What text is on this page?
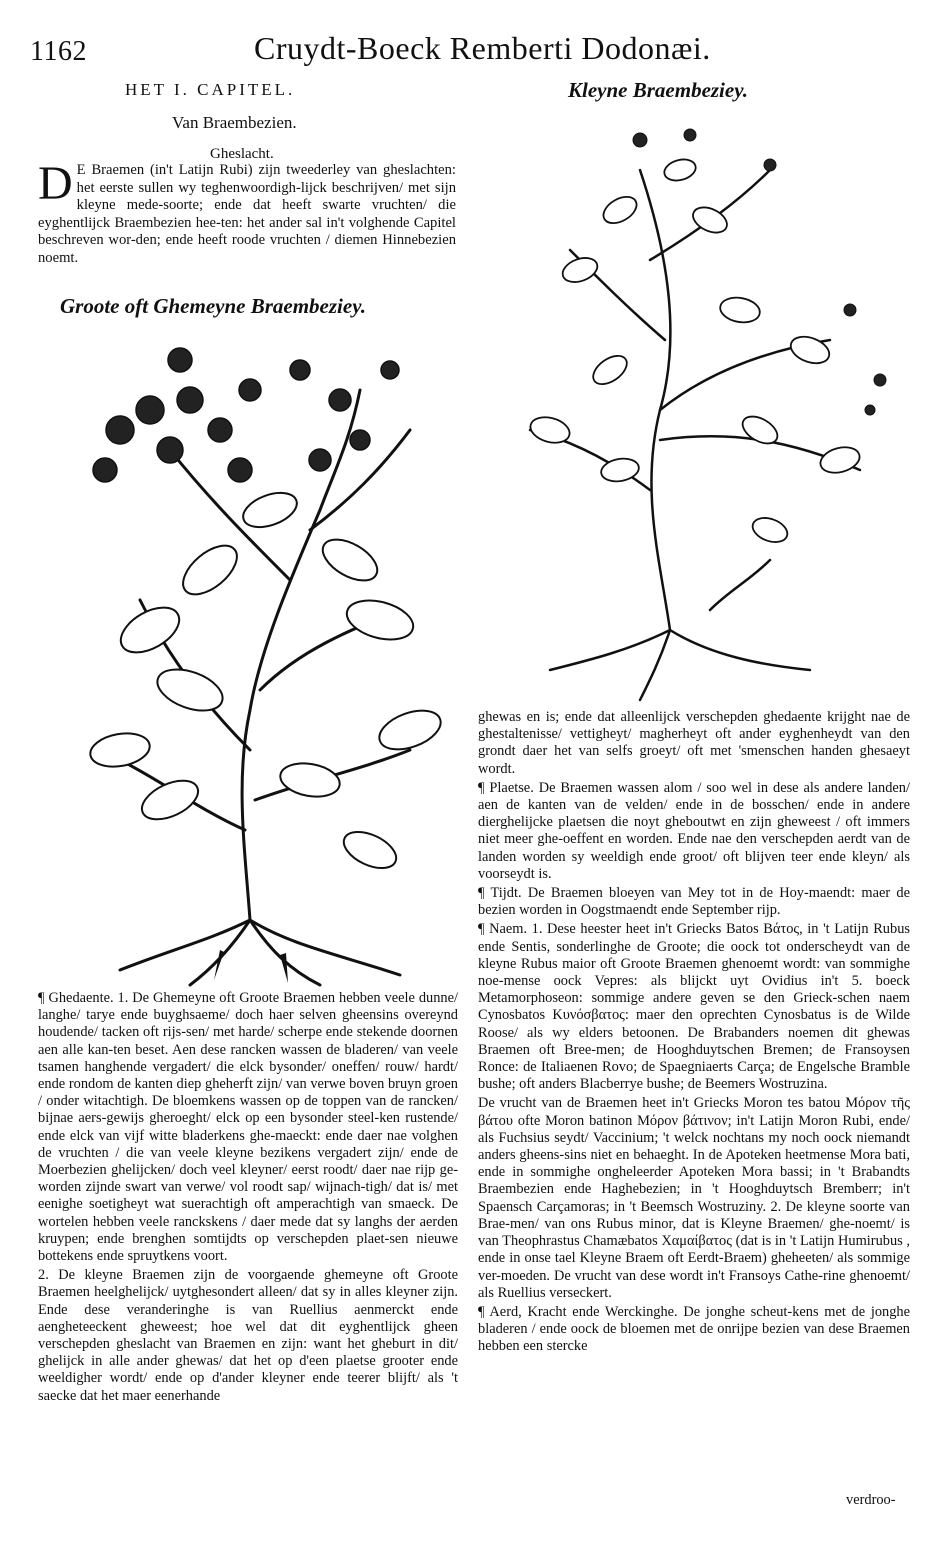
1162	Cruydt-Boeck Remberti Dodonæi.
HET I. CAPITEL.
Van Braembezien.
Gheslacht.
D E Braemen (in't Latijn Rubi) zijn tweederley van gheslachten: het eerste sullen wy teghenwoordigh-lijck beschrijven/ met sijn kleyne mede-soorte; ende dat heeft swarte vruchten/ die eyghentlijck Braembezien hee-ten: het ander sal in't volghende Capitel beschreven wor-den; ende heeft roode vruchten / diemen Hinnebezien noemt.
Groote oft Ghemeyne Braembeziey.
Kleyne Braembeziey.

ghewas en is; ende dat alleenlijck verschepden ghedaente krijght nae de ghestaltenisse/ vettigheyt/ magherheyt oft ander eyghenheydt van den grondt daer het van selfs groeyt/ oft met 'smenschen handen ghesaeyt wordt.

¶ Plaetse. De Braemen wassen alom / soo wel in dese als andere landen/ aen de kanten van de velden/ ende in de bosschen/ ende in andere dierghelijcke plaetsen die noyt gheboutwt en zijn gheweest / oft immers niet meer ghe-oeffent en worden. Ende nae den verschepden aerdt van de landen worden sy weeldigh ende groot/ oft blijven teer ende kleyn/ als voorseydt is.

¶ Tijdt. De Braemen bloeyen van Mey tot in de Hoy-maendt: maer de bezien worden in Oogstmaendt ende September rijp.

¶ Naem. 1. Dese heester heet in't Griecks Batos Βάτος, in 't Latijn Rubus ende Sentis, sonderlinghe de Groote; die oock tot onderscheydt van de kleyne Rubus maior oft Groote Braemen ghenoemt wordt: van sommighe noe-mense oock Vepres: als blijckt uyt Ovidius in't 5. boeck Metamorphoseon: sommige andere geven se den Grieck-schen naem Cynosbatos Κυνόσβατος: maer den oprechten Cynosbatus is de Wilde Roose/ als wy elders betoonen. De Brabanders noemen dit ghewas Braemen oft Bree-men; de Hooghduytschen Bremen; de Fransoysen Ronce: de Italiaenen Rovo; de Spaegniaerts Carça; de Engelsche Bramble bushe; oft anders Blacberrye bushe; de Beemers Wostruzina.

De vrucht van de Braemen heet in't Griecks Moron tes batou Μόρον τῆς βάτου ofte Moron batinon Μόρον βάτινον; in't Latijn Moron Rubi, ende/ als Fuchsius seydt/ Vaccinium; 't welck nochtans my noch oock niemandt anders gheens-sins niet en behaeght. In de Apoteken heetmense Mora bati, ende in sommighe ongheleerder Apoteken Mora bassi; in 't Brabandts Braembezien ende Haghebezien; in 't Hooghduytsch Bremberr; in't Spaensch Carçamoras; in 't Beemsch Wostruziny. 2. De kleyne soorte van Brae-men/ van ons Rubus minor, dat is Kleyne Braemen/ ghe-noemt/ is van Theophrastus Chamæbatos Χαμαίβατος (dat is in 't Latijn Humirubus , ende in onse tael Kleyne Braem oft Eerdt-Braem) gheheeten/ als sommige ver-moeden. De vrucht van dese wordt in't Fransoys Cathe-rine ghenoemt/ als Ruellius verseckert.

¶ Aerd, Kracht ende Werckinghe. De jonghe scheut-kens met de jonghe bladeren / ende oock de bloemen met de onrijpe bezien van dese Braemen hebben een stercke

verdroo-

¶ Ghedaente. 1. De Ghemeyne oft Groote Braemen hebben veele dunne/ langhe/ tarye ende buyghsaeme/ doch haer selven gheensins overeynd houdende/ tacken oft rijs-sen/ met harde/ scherpe ende stekende doornen aen alle kan-ten beset. Aen dese rancken wassen de bladeren/ van veele tsamen hanghende vergadert/ die elck bysonder/ oneffen/ rouw/ hardt/ ende rondom de kanten diep gheherft zijn/ van verwe boven bruyn groen / onder witachtigh. De bloemkens wassen op de toppen van de rancken/ bijnae aers-gewijs gheroeght/ elck op een bysonder steel-ken rustende/ ende elck van vijf witte bladerkens ghe-maeckt: ende daer nae volghen de vruchten / die van veele kleyne bezikens vergadert zijn/ ende de Moerbezien ghelijcken/ doch veel kleyner/ eerst roodt/ daer nae rijp ge-worden zijnde swart van verwe/ vol roodt sap/ wijnach-tigh/ dat is/ met eenighe soetigheyt wat suerachtigh oft amperachtigh van smaeck. De wortelen hebben veele ranckskens / daer mede dat sy langhs der aerden kruypen; ende brenghen somtijdts op verschepden plaet-sen nieuwe bottekens ende spruytkens voort.

2. De kleyne Braemen zijn de voorgaende ghemeyne oft Groote Braemen heelghelijck/ uytghesondert alleen/ dat sy in alles kleyner zijn. Ende dese veranderinghe is van Ruellius aenmerckt ende aengheteeckent gheweest; hoe wel dat dit eyghentlijck gheen verschepden gheslacht van Braemen en zijn: want het gheburt in dit/ ghelijck in alle ander ghewas/ dat het op d'een plaetse grooter ende weeldigher wordt/ ende op d'ander kleyner ende teerer blijft/ als 't saecke dat het maer eenerhande
